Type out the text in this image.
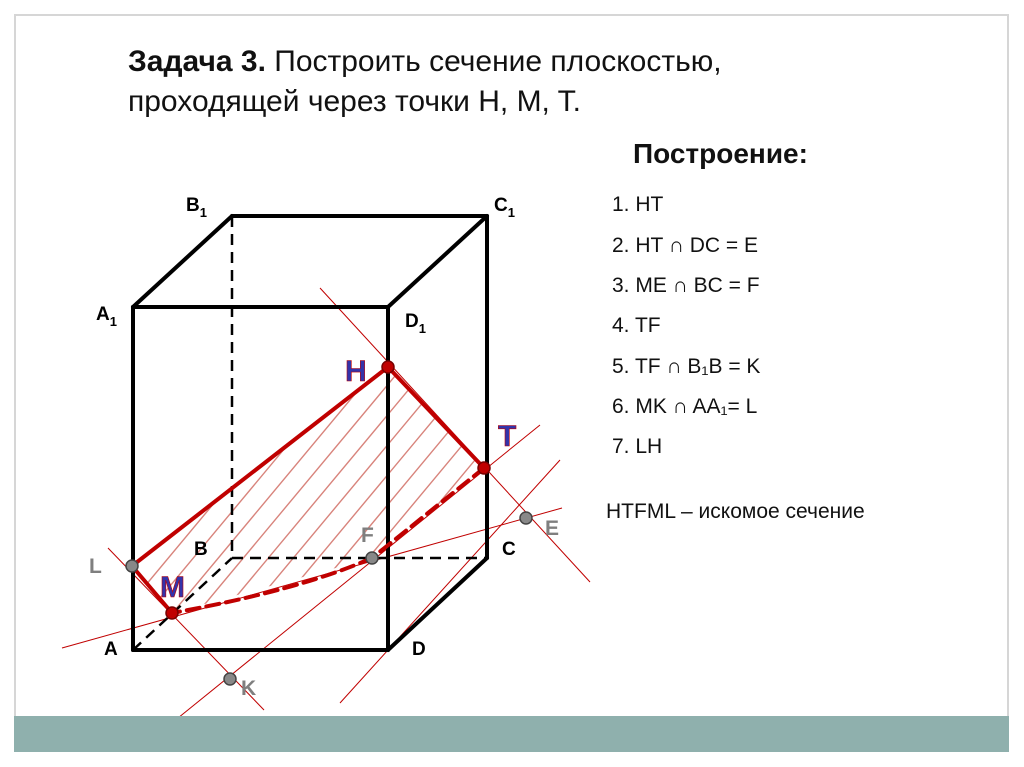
Задача 3. Построить сечение плоскостью,
проходящей через точки H, M, T.
Построение:
1. HT
2. HT ∩ DC = E
3. ME ∩ BC = F
4. TF
5. TF ∩ B₁B = K
6. MK ∩ AA₁= L
7. LH
HTFML – искомое сечение
$B_1$	$C_1$
$A_1$	$D_1$
B	C
A	D
H
T
M
F	E
L
K
